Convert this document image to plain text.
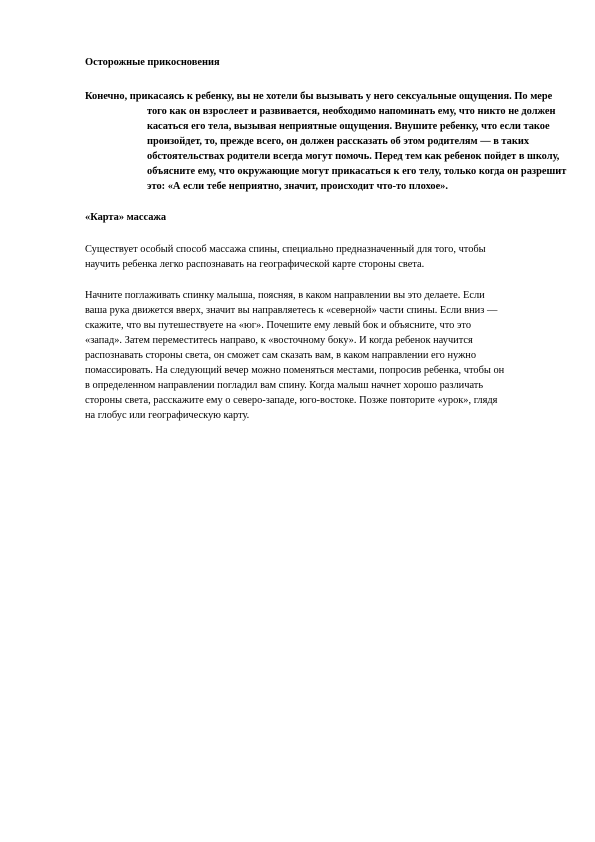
Осторожные прикосновения

Конечно, прикасаясь к ребенку, вы не хотели бы вызывать у него сексуальные ощущения. По мере того как он взрослеет и развивается, необходимо напоминать ему, что никто не должен касаться его тела, вызывая неприятные ощущения. Внушите ребенку, что если такое произойдет, то, прежде всего, он должен рассказать об этом родителям — в таких обстоятельствах родители всегда могут помочь. Перед тем как ребенок пойдет в школу, объясните ему, что окружающие могут прикасаться к его телу, только когда он разрешит это: «А если тебе неприятно, значит, происходит что-то плохое».

«Карта» массажа

Существует особый способ массажа спины, специально предназначенный для того, чтобы научить ребенка легко распознавать на географической карте стороны света.

Начните поглаживать спинку малыша, поясняя, в каком направлении вы это делаете. Если ваша рука движется вверх, значит вы направляетесь к «северной» части спины. Если вниз — скажите, что вы путешествуете на «юг». Почешите ему левый бок и объясните, что это «запад». Затем переместитесь направо, к «восточному боку». И когда ребенок научится распознавать стороны света, он сможет сам сказать вам, в каком направлении его нужно помассировать. На следующий вечер можно поменяться местами, попросив ребенка, чтобы он в определенном направлении погладил вам спину. Когда малыш начнет хорошо различать стороны света, расскажите ему о северо-западе, юго-востоке. Позже повторите «урок», глядя на глобус или географическую карту.
